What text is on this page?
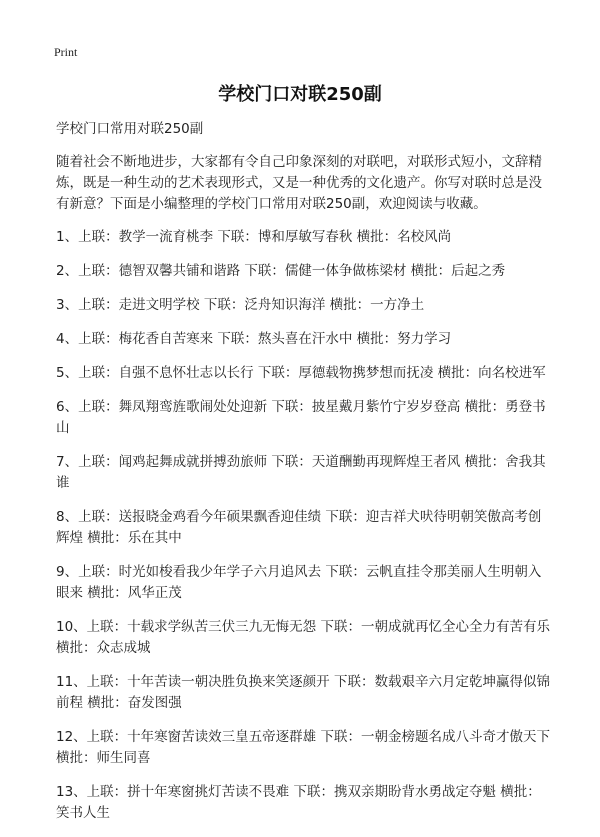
Print
学校门口对联250副

学校门口常用对联250副

随着社会不断地进步，大家都有令自己印象深刻的对联吧，对联形式短小，文辞精炼，既是一种生动的艺术表现形式，又是一种优秀的文化遗产。你写对联时总是没有新意？下面是小编整理的学校门口常用对联250副，欢迎阅读与收藏。

1、上联：教学一流育桃李 下联：博和厚敏写春秋 横批：名校风尚

2、上联：德智双馨共铺和谐路 下联：儒健一体争做栋梁材 横批：后起之秀

3、上联：走进文明学校 下联：泛舟知识海洋 横批：一方净土

4、上联：梅花香自苦寒来 下联：熬头喜在汗水中 横批：努力学习

5、上联：自强不息怀壮志以长行 下联：厚德载物携梦想而抚凌 横批：向名校进军

6、上联：舞凤翔鸾旌歌闹处处迎新 下联：披星戴月紫竹宁岁岁登高 横批：勇登书山

7、上联：闻鸡起舞成就拼搏劲旅师 下联：天道酬勤再现辉煌王者风 横批：舍我其谁

8、上联：送报晓金鸡看今年硕果飘香迎佳绩 下联：迎吉祥犬吠待明朝笑傲高考创辉煌 横批：乐在其中

9、上联：时光如梭看我少年学子六月追风去 下联：云帆直挂令那美丽人生明朝入眼来 横批：风华正茂

10、上联：十载求学纵苦三伏三九无悔无怨 下联：一朝成就再忆全心全力有苦有乐 横批：众志成城

11、上联：十年苦读一朝决胜负换来笑逐颜开 下联：数载艰辛六月定乾坤赢得似锦前程 横批：奋发图强

12、上联：十年寒窗苦读效三皇五帝逐群雄 下联：一朝金榜题名成八斗奇才傲天下 横批：师生同喜

13、上联：拼十年寒窗挑灯苦读不畏难 下联：携双亲期盼背水勇战定夺魁 横批：笑书人生
